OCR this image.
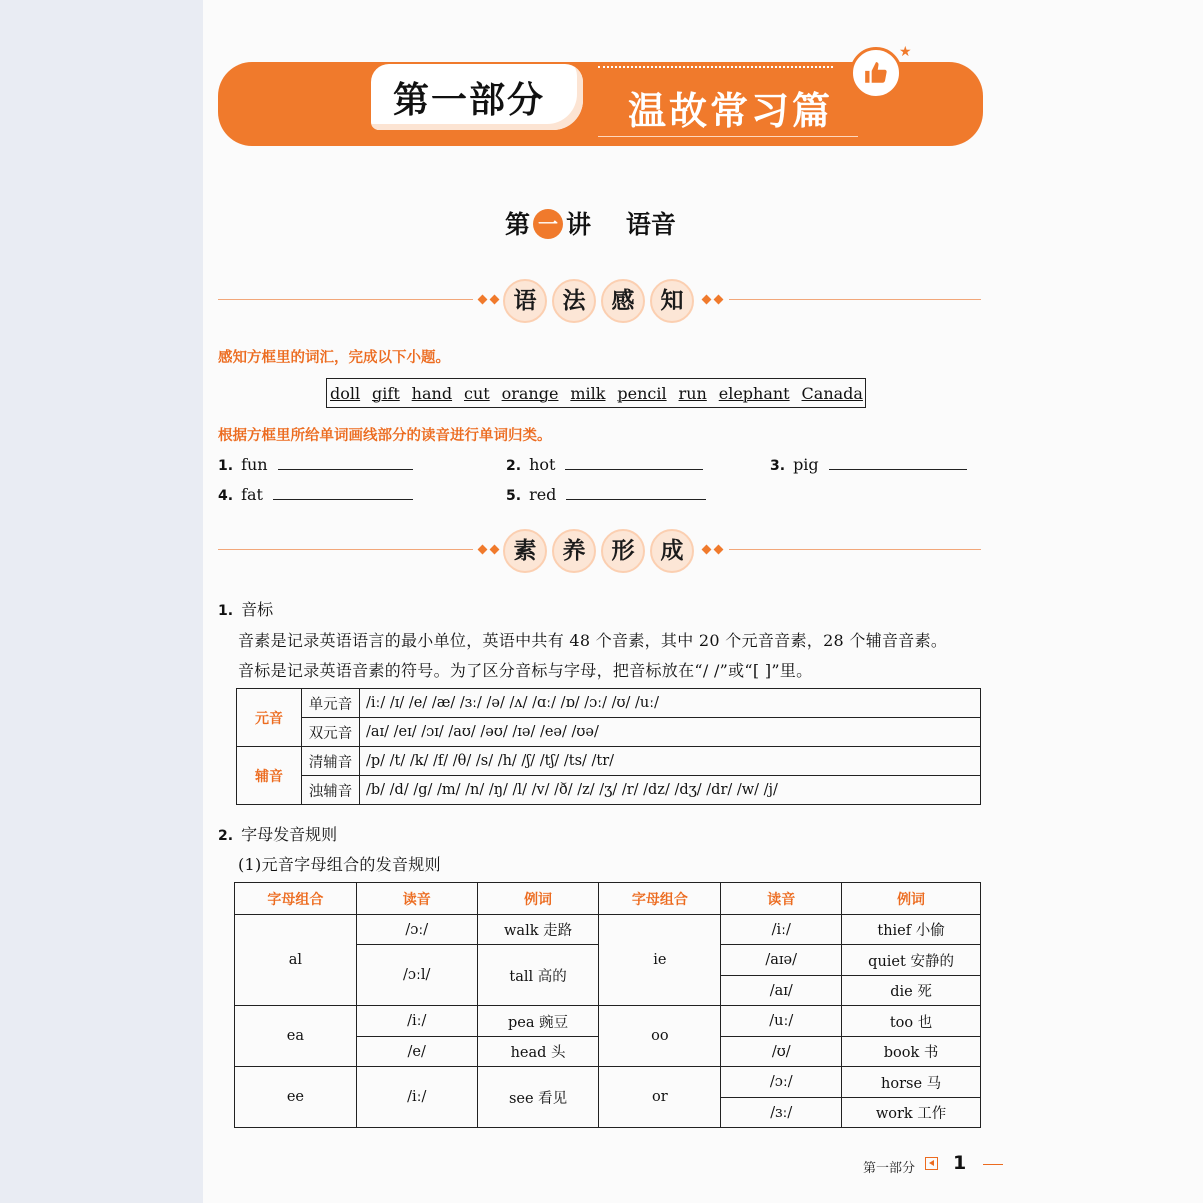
第一部分 温故常习篇
★
第 一 讲 语音
语	法	感	知
感知方框里的词汇，完成以下小题。
doll gift hand cut orange milk pencil run elephant Canada
根据方框里所给单词画线部分的读音进行单词归类。
1. fun	2. hot	3. pig
4. fat	5. red
素	养	形	成
1. 音标
音素是记录英语语言的最小单位，英语中共有 48 个音素，其中 20 个元音音素，28 个辅音音素。
音标是记录英语音素的符号。为了区分音标与字母，把音标放在“/ /”或“[ ]”里。
元音	单元音	/iː/ /ɪ/ /e/ /æ/ /ɜː/ /ə/ /ʌ/ /ɑː/ /ɒ/ /ɔː/ /ʊ/ /uː/
	双元音	/aɪ/ /eɪ/ /ɔɪ/ /aʊ/ /əʊ/ /ɪə/ /eə/ /ʊə/
辅音	清辅音	/p/ /t/ /k/ /f/ /θ/ /s/ /h/ /ʃ/ /tʃ/ /ts/ /tr/
	浊辅音	/b/ /d/ /g/ /m/ /n/ /ŋ/ /l/ /v/ /ð/ /z/ /ʒ/ /r/ /dz/ /dʒ/ /dr/ /w/ /j/
2. 字母发音规则
(1)元音字母组合的发音规则
字母组合	读音	例词	字母组合	读音	例词
al	/ɔː/	walk 走路	ie	/iː/	thief 小偷
	/ɔːl/	tall 高的		/aɪə/	quiet 安静的
				/aɪ/	die 死
ea	/iː/	pea 豌豆	oo	/uː/	too 也
	/e/	head 头		/ʊ/	book 书
ee	/iː/	see 看见	or	/ɔː/	horse 马
				/ɜː/	work 工作
第一部分 1
